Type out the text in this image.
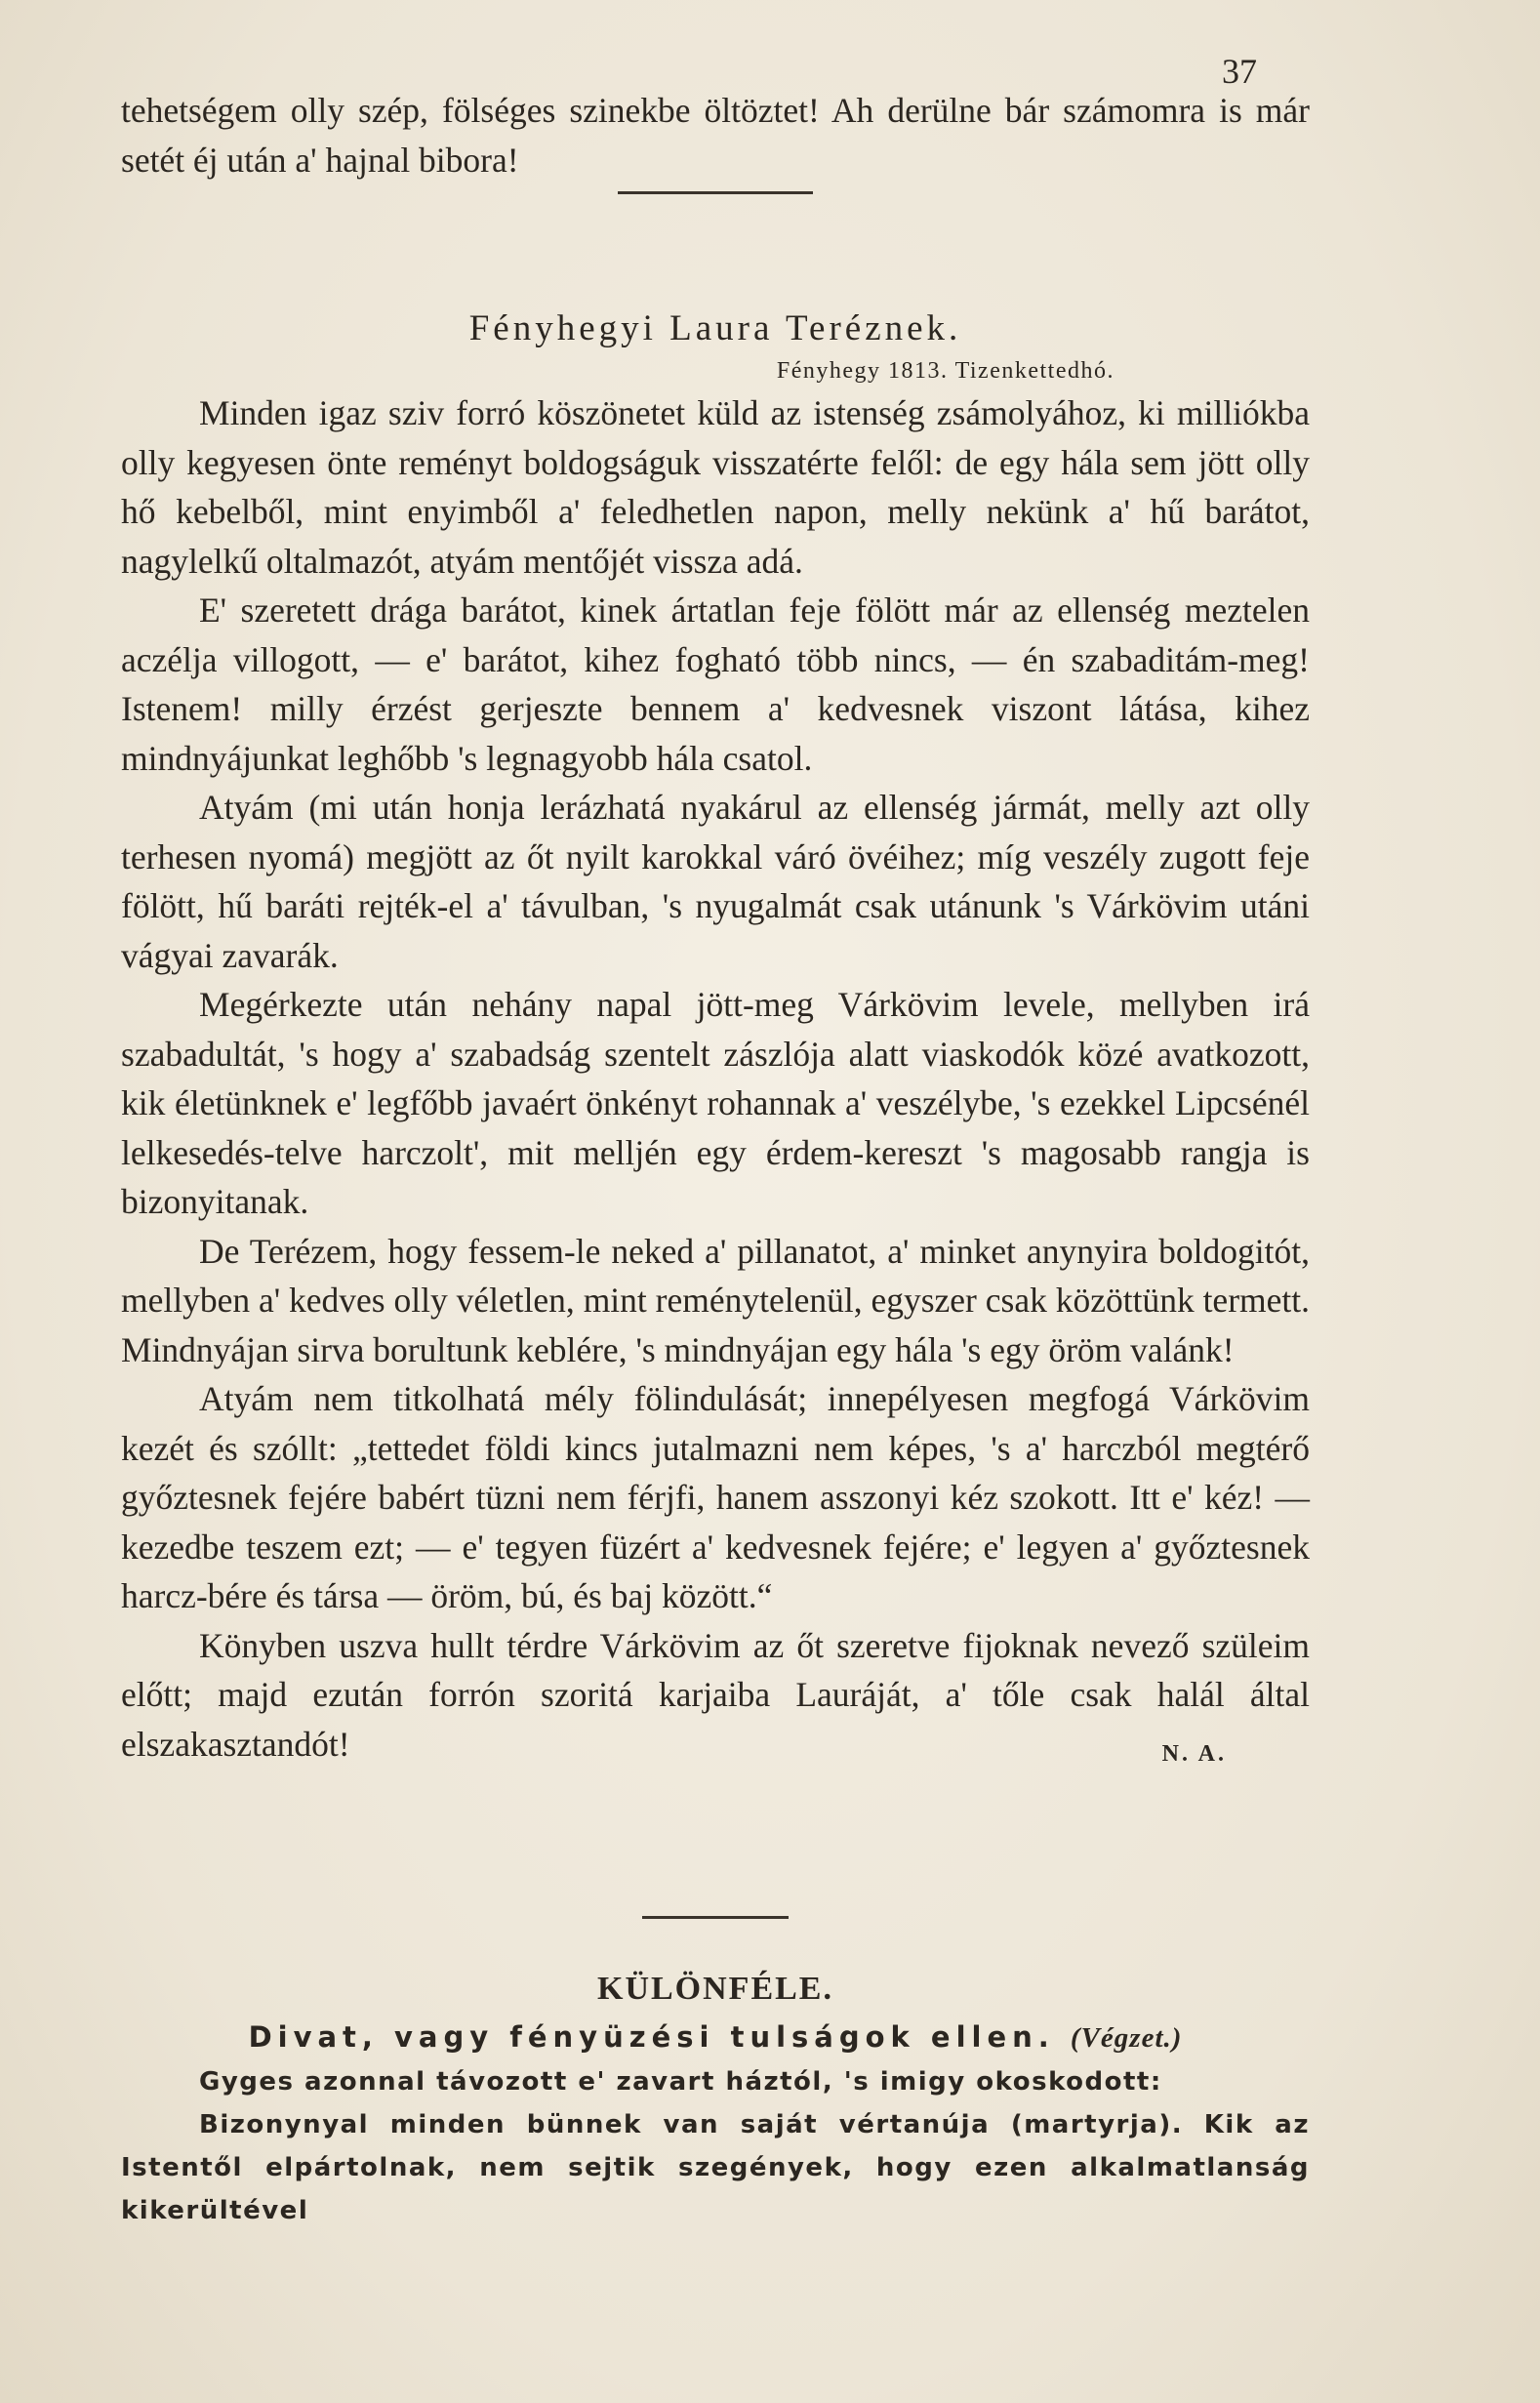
37

tehetségem olly szép, fölséges szinekbe öltöztet! Ah derülne bár számomra is már setét éj után a' hajnal bibora!

Fényhegyi Laura Teréznek.
Fényhegy 1813. Tizenkettedhó.

Minden igaz sziv forró köszönetet küld az istenség zsámolyához, ki milliókba olly kegyesen önte reményt boldogságuk visszatérte felől: de egy hála sem jött olly hő kebelből, mint enyimből a' feledhetlen napon, melly nekünk a' hű barátot, nagylelkű oltalmazót, atyám mentőjét vissza adá.

E' szeretett drága barátot, kinek ártatlan feje fölött már az ellenség meztelen aczélja villogott, — e' barátot, kihez fogható több nincs, — én szabaditám-meg! Istenem! milly érzést gerjeszte bennem a' kedvesnek viszont látása, kihez mindnyájunkat leghőbb 's legnagyobb hála csatol.

Atyám (mi után honja lerázhatá nyakárul az ellenség jármát, melly azt olly terhesen nyomá) megjött az őt nyilt karokkal váró övéihez; míg veszély zugott feje fölött, hű baráti rejték-el a' távulban, 's nyugalmát csak utánunk 's Várkövim utáni vágyai zavarák.

Megérkezte után nehány napal jött-meg Várkövim levele, mellyben irá szabadultát, 's hogy a' szabadság szentelt zászlója alatt viaskodók közé avatkozott, kik életünknek e' legfőbb javaért önkényt rohannak a' veszélybe, 's ezekkel Lipcsénél lelkesedés-telve harczolt', mit melljén egy érdem-kereszt 's magosabb rangja is bizonyitanak.

De Terézem, hogy fessem-le neked a' pillanatot, a' minket anynyira boldogitót, mellyben a' kedves olly véletlen, mint reménytelenül, egyszer csak közöttünk termett. Mindnyájan sirva borultunk keblére, 's mindnyájan egy hála 's egy öröm valánk!

Atyám nem titkolhatá mély fölindulását; innepélyesen megfogá Várkövim kezét és szóllt: „tettedet földi kincs jutalmazni nem képes, 's a' harczból megtérő győztesnek fejére babért tüzni nem férjfi, hanem asszonyi kéz szokott. Itt e' kéz! — kezedbe teszem ezt; — e' tegyen füzért a' kedvesnek fejére; e' legyen a' győztesnek harcz-bére és társa — öröm, bú, és baj között.“

Könyben uszva hullt térdre Várkövim az őt szeretve fijoknak nevező szüleim előtt; majd ezután forrón szoritá karjaiba Lauráját, a' tőle csak halál által elszakasztandót!	N. A.

KÜLÖNFÉLE.
Divat, vagy fényüzési tulságok ellen. (Végzet.)

Gyges azonnal távozott e' zavart háztól, 's imigy okoskodott:

Bizonynyal minden bünnek van saját vértanúja (martyrja). Kik az Istentől elpártolnak, nem sejtik szegények, hogy ezen alkalmatlanság kikerültével
